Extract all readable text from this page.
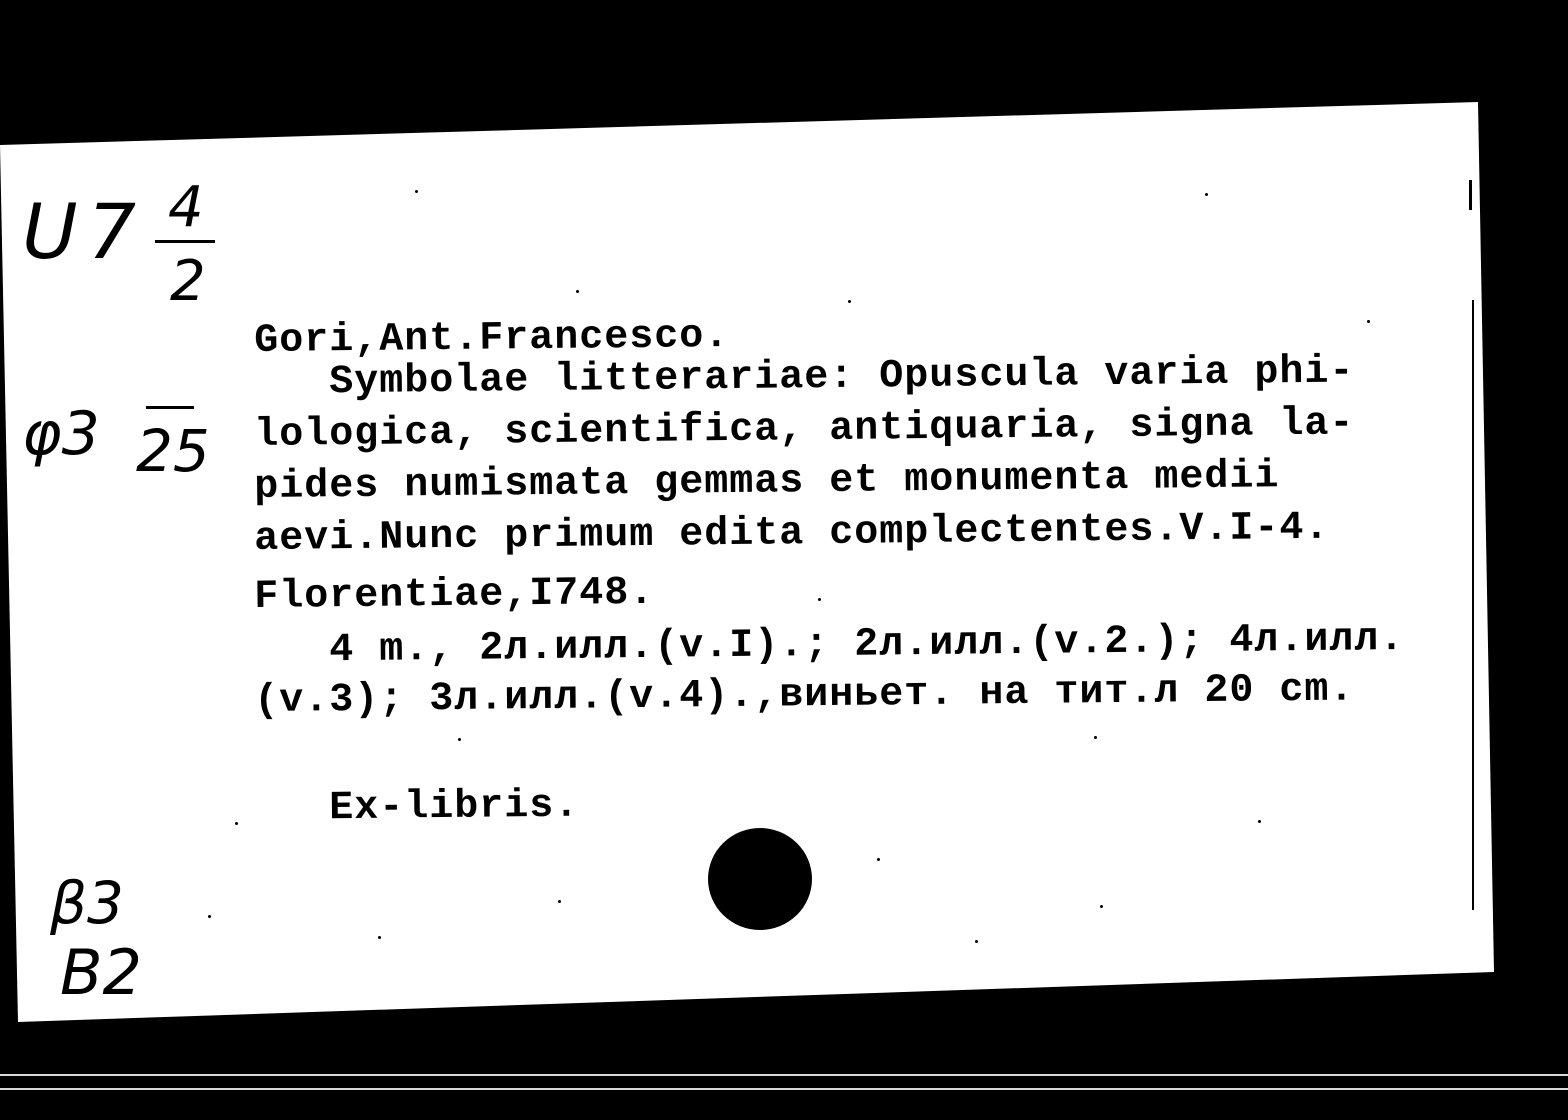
U7 4
2
φ3 25
β3
B2

Gori,Ant.Francesco.

Symbolae litterariae: Opuscula varia phi-

lologica, scientifica, antiquaria, signa la-

pides numismata gemmas et monumenta medii

aevi.Nunc primum edita complectentes.V.I-4.

Florentiae,I748.

4 m., 2л.илл.(v.I).; 2л.илл.(v.2.); 4л.илл.

(v.3); 3л.илл.(v.4).,виньет. на тит.л 20 cm.

Ex-libris.
